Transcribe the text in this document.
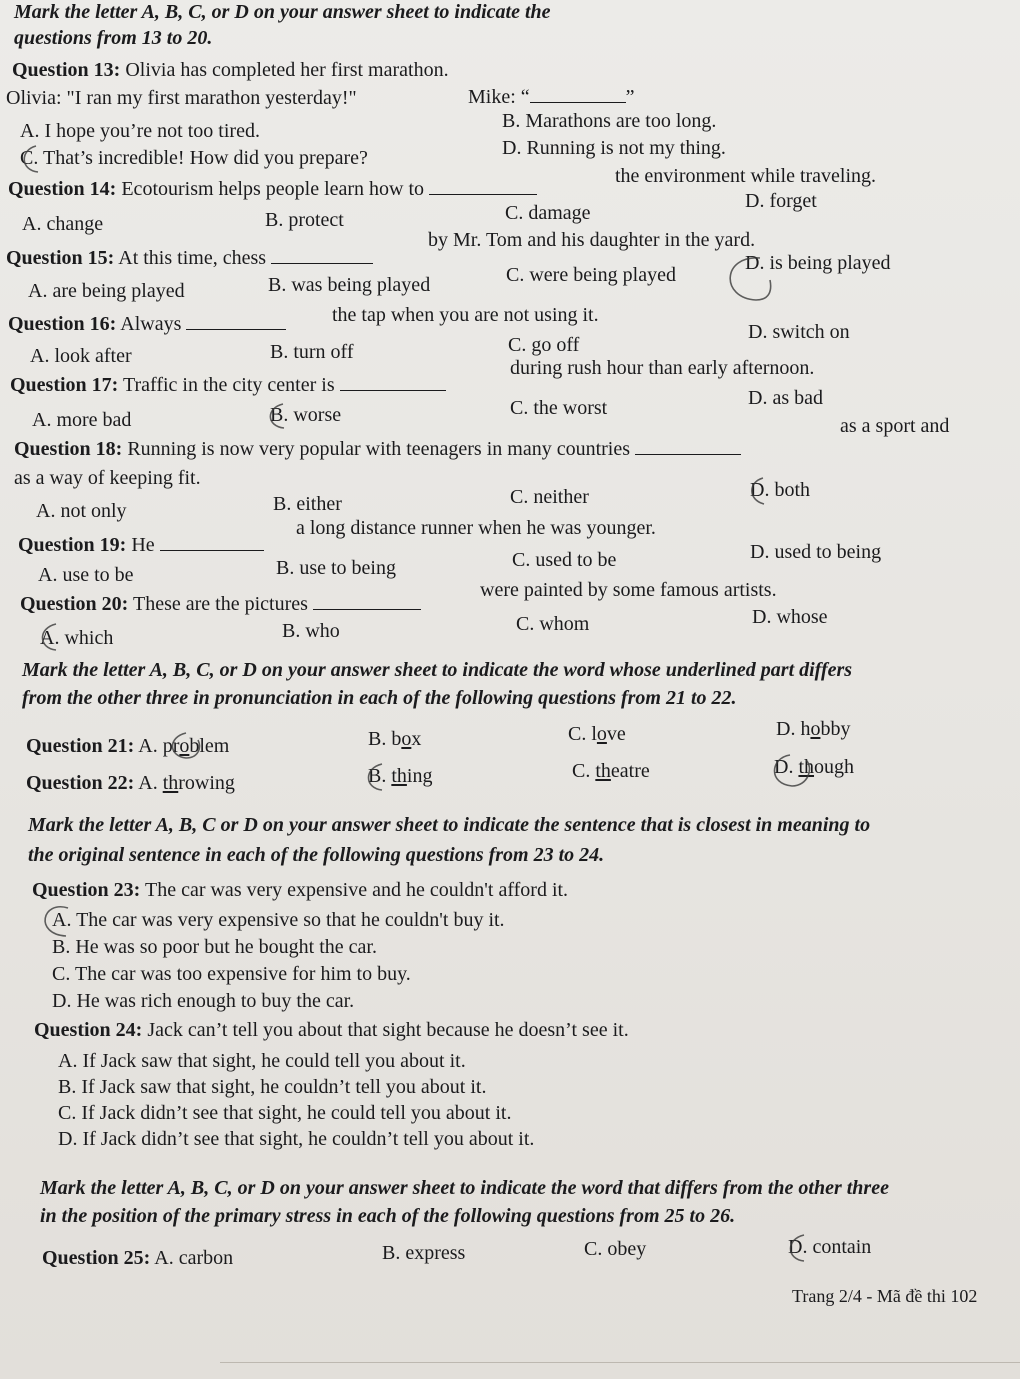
Mark the letter A, B, C, or D on your answer sheet to indicate the
questions from 13 to 20.
Question 13: Olivia has completed her first marathon.
Olivia: "I ran my first marathon yesterday!"	Mike: “	”
A. I hope you’re not too tired.	B. Marathons are too long.
C. That’s incredible! How did you prepare?	D. Running is not my thing.
Question 14: Ecotourism helps people learn how to
the environment while traveling.
A. change	B. protect	C. damage
D. forget
Question 15: At this time, chess
by Mr. Tom and his daughter in the yard.
A. are being played	B. was being played	C. were being played
D. is being played
Question 16: Always	the tap when you are not using it.
A. look after	B. turn off	C. go off
D. switch on
Question 17: Traffic in the city center is
during rush hour than early afternoon.
A. more bad	B. worse	C. the worst	D. as bad
Question 18: Running is now very popular with teenagers in many countries
as a sport and
as a way of keeping fit.
A. not only	B. either	C. neither	D. both
Question 19: He
a long distance runner when he was younger.
A. use to be	B. use to being	C. used to be	D. used to being
Question 20: These are the pictures
were painted by some famous artists.
A. which	B. who	C. whom	D. whose
Mark the letter A, B, C, or D on your answer sheet to indicate the word whose underlined part differs
from the other three in pronunciation in each of the following questions from 21 to 22.
Question 21: A. problem	B. box	C. love	D. hobby
Question 22: A. throwing	B. thing	C. theatre	D. though
Mark the letter A, B, C or D on your answer sheet to indicate the sentence that is closest in meaning to
the original sentence in each of the following questions from 23 to 24.
Question 23: The car was very expensive and he couldn't afford it.
A. The car was very expensive so that he couldn't buy it.
B. He was so poor but he bought the car.
C. The car was too expensive for him to buy.
D. He was rich enough to buy the car.
Question 24: Jack can’t tell you about that sight because he doesn’t see it.
A. If Jack saw that sight, he could tell you about it.
B. If Jack saw that sight, he couldn’t tell you about it.
C. If Jack didn’t see that sight, he could tell you about it.
D. If Jack didn’t see that sight, he couldn’t tell you about it.
Mark the letter A, B, C, or D on your answer sheet to indicate the word that differs from the other three
in the position of the primary stress in each of the following questions from 25 to 26.
Question 25: A. carbon	B. express	C. obey	D. contain
Trang 2/4 - Mã đề thi 102
